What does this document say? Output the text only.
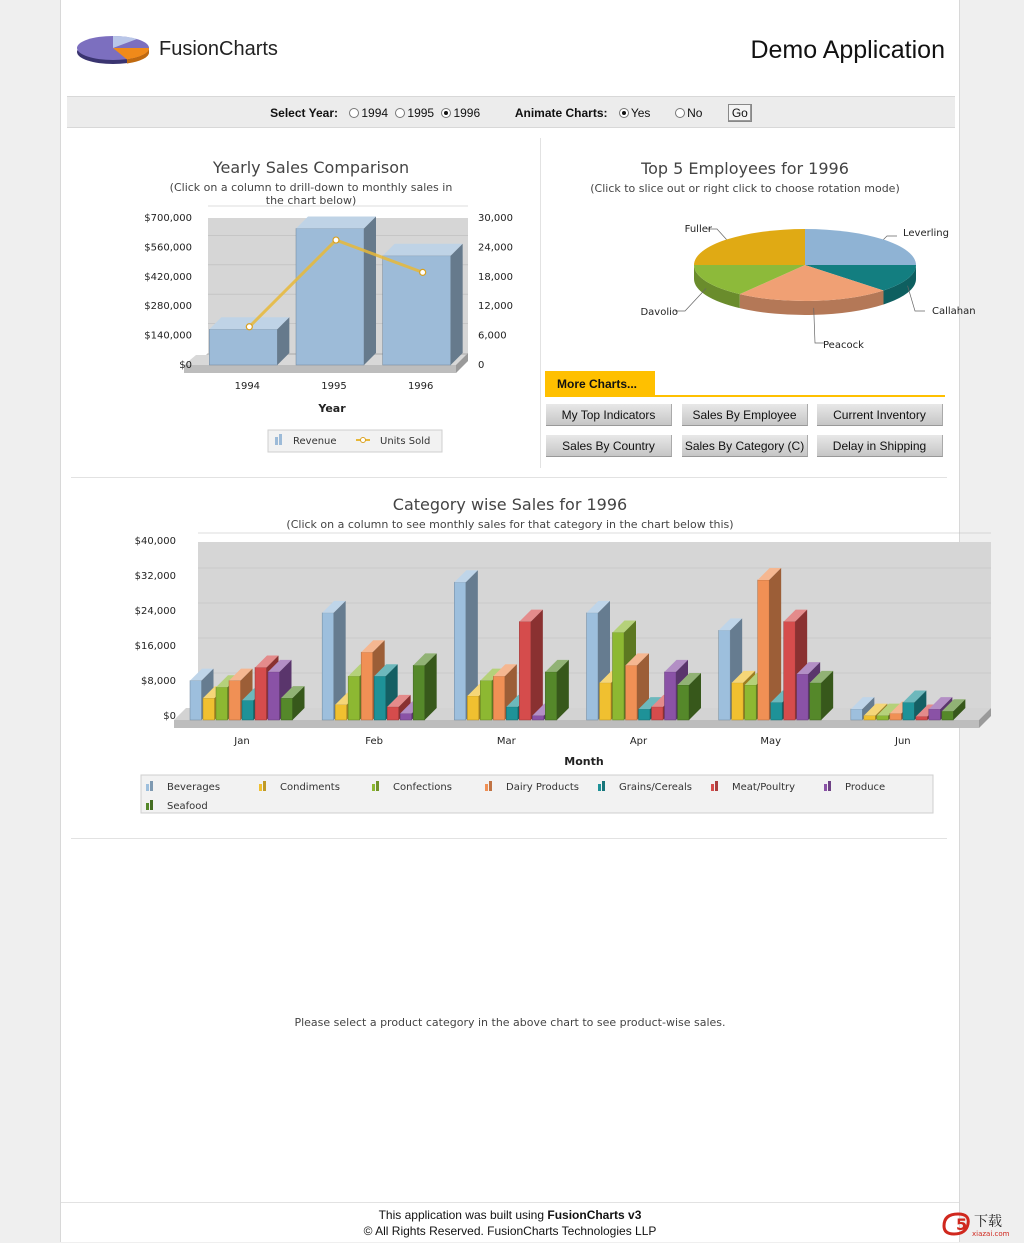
FusionCharts	Demo Application
Select Year: 1994 1995 1996	Animate Charts: Yes	No Go
Yearly Sales Comparison
(Click on a column to drill-down to monthly sales in
the chart below)
$0
$140,000
$280,000
$420,000
$560,000
$700,000
0
6,000
12,000
18,000
24,000
30,000
1994	1995	1996
Year
Revenue	Units Sold
Top 5 Employees for 1996
(Click to slice out or right click to choose rotation mode)
Leverling
Callahan
Peacock
Davolio
Fuller
More Charts...
My Top Indicators	Sales By Employee	Current Inventory
Sales By Country	Sales By Category (C)	Delay in Shipping
Category wise Sales for 1996
(Click on a column to see monthly sales for that category in the chart below this)
$0
$8,000
$16,000
$24,000
$32,000
$40,000
Jan	Feb	Mar	Apr	May	Jun
Month
Beverages	Condiments	Confections	Dairy Products	Grains/Cereals	Meat/Poultry	Produce
Seafood
Please select a product category in the above chart to see product-wise sales.
This application was built using FusionCharts v3
© All Rights Reserved. FusionCharts Technologies LLP	5 下载
xiazai.com
